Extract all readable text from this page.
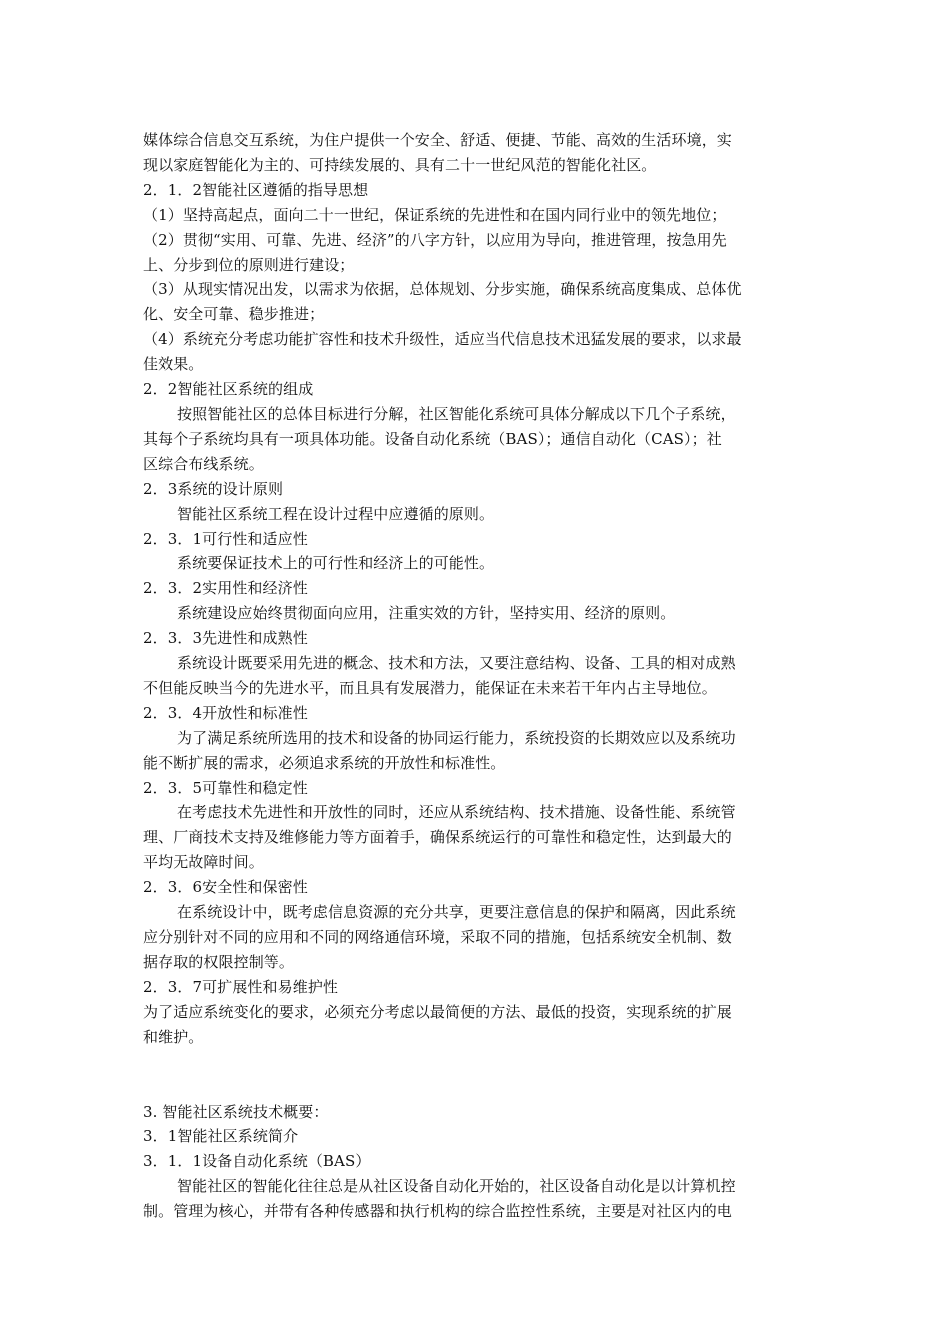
媒体综合信息交互系统，为住户提供一个安全、舒适、便捷、节能、高效的生活环境，实
现以家庭智能化为主的、可持续发展的、具有二十一世纪风范的智能化社区。
2．1．2智能社区遵循的指导思想
（1）坚持高起点，面向二十一世纪，保证系统的先进性和在国内同行业中的领先地位；
（2）贯彻“实用、可靠、先进、经济”的八字方针，以应用为导向，推进管理，按急用先
上、分步到位的原则进行建设；
（3）从现实情况出发，以需求为依据，总体规划、分步实施，确保系统高度集成、总体优
化、安全可靠、稳步推进；
（4）系统充分考虑功能扩容性和技术升级性，适应当代信息技术迅猛发展的要求，以求最
佳效果。
2．2智能社区系统的组成
按照智能社区的总体目标进行分解，社区智能化系统可具体分解成以下几个子系统，
其每个子系统均具有一项具体功能。设备自动化系统（BAS）；通信自动化（CAS）；社
区综合布线系统。
2．3系统的设计原则
智能社区系统工程在设计过程中应遵循的原则。
2．3．1可行性和适应性
系统要保证技术上的可行性和经济上的可能性。
2．3．2实用性和经济性
系统建设应始终贯彻面向应用，注重实效的方针，坚持实用、经济的原则。
2．3．3先进性和成熟性
系统设计既要采用先进的概念、技术和方法，又要注意结构、设备、工具的相对成熟
不但能反映当今的先进水平，而且具有发展潜力，能保证在未来若干年内占主导地位。
2．3．4开放性和标准性
为了满足系统所选用的技术和设备的协同运行能力，系统投资的长期效应以及系统功
能不断扩展的需求，必须追求系统的开放性和标准性。
2．3．5可靠性和稳定性
在考虑技术先进性和开放性的同时，还应从系统结构、技术措施、设备性能、系统管
理、厂商技术支持及维修能力等方面着手，确保系统运行的可靠性和稳定性，达到最大的
平均无故障时间。
2．3．6安全性和保密性
在系统设计中，既考虑信息资源的充分共享，更要注意信息的保护和隔离，因此系统
应分别针对不同的应用和不同的网络通信环境，采取不同的措施，包括系统安全机制、数
据存取的权限控制等。
2．3．7可扩展性和易维护性
为了适应系统变化的要求，必须充分考虑以最简便的方法、最低的投资，实现系统的扩展
和维护。
3. 智能社区系统技术概要：
3．1智能社区系统简介
3．1．1设备自动化系统（BAS）
智能社区的智能化往往总是从社区设备自动化开始的，社区设备自动化是以计算机控
制。管理为核心，并带有各种传感器和执行机构的综合监控性系统，主要是对社区内的电
